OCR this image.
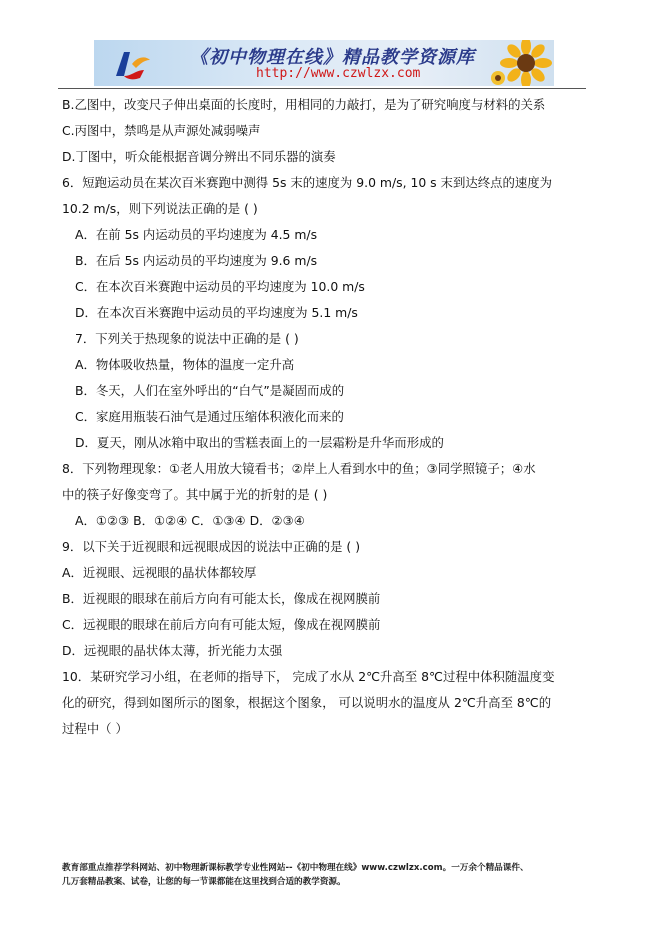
《初中物理在线》精品教学资源库
http://www.czwlzx.com
B.乙图中，改变尺子伸出桌面的长度时，用相同的力敲打，是为了研究响度与材料的关系
C.丙图中，禁鸣是从声源处减弱噪声
D.丁图中，听众能根据音调分辨出不同乐器的演奏
6．短跑运动员在某次百米赛跑中测得 5s 末的速度为 9.0 m/s, 10 s 末到达终点的速度为
10.2 m/s，则下列说法正确的是 ( )
A．在前 5s 内运动员的平均速度为 4.5 m/s
B．在后 5s 内运动员的平均速度为 9.6 m/s
C．在本次百米赛跑中运动员的平均速度为 10.0 m/s
D．在本次百米赛跑中运动员的平均速度为 5.1 m/s
7．下列关于热现象的说法中正确的是 ( )
A．物体吸收热量，物体的温度一定升高
B．冬天，人们在室外呼出的“白气”是凝固而成的
C．家庭用瓶装石油气是通过压缩体积液化而来的
D．夏天，刚从冰箱中取出的雪糕表面上的一层霜粉是升华而形成的
8．下列物理现象：①老人用放大镜看书；②岸上人看到水中的鱼；③同学照镜子；④水
中的筷子好像变弯了。其中属于光的折射的是 ( )
A．①②③ B．①②④ C．①③④ D．②③④
9．以下关于近视眼和远视眼成因的说法中正确的是 ( )
A．近视眼、远视眼的晶状体都较厚
B．近视眼的眼球在前后方向有可能太长，像成在视网膜前
C．远视眼的眼球在前后方向有可能太短，像成在视网膜前
D．远视眼的晶状体太薄，折光能力太强
10．某研究学习小组，在老师的指导下， 完成了水从 2℃升高至 8℃过程中体积随温度变
化的研究，得到如图所示的图象，根据这个图象， 可以说明水的温度从 2℃升高至 8℃的
过程中（ ）
教育部重点推荐学科网站、初中物理新课标教学专业性网站--《初中物理在线》www.czwlzx.com。一万余个精品课件、
几万套精品教案、试卷，让您的每一节课都能在这里找到合适的教学资源。
